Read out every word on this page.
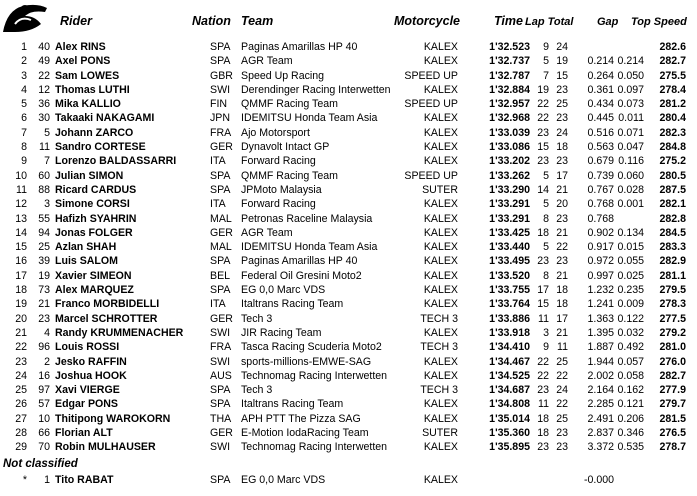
Rider	Nation Team	Motorcycle	Time Lap Total Gap Top Speed
1	40 Alex RINS	SPA Paginas Amarillas HP 40	KALEX	1'32.523	9 24	282.6
2	49 Axel PONS	SPA AGR Team	KALEX	1'32.737	5 19	0.214 0.214	282.7
3	22 Sam LOWES	GBR Speed Up Racing	SPEED UP	1'32.787	7 15	0.264 0.050	275.5
4	12 Thomas LUTHI	SWI Derendinger Racing Interwetten	KALEX	1'32.884 19 23	0.361 0.097	278.4
5	36 Mika KALLIO	FIN QMMF Racing Team	SPEED UP	1'32.957 22 25	0.434 0.073	281.2
6	30 Takaaki NAKAGAMI	JPN IDEMITSU Honda Team Asia	KALEX	1'32.968 22 23	0.445 0.011	280.4
7	5 Johann ZARCO	FRA Ajo Motorsport	KALEX	1'33.039 23 24	0.516 0.071	282.3
8	11 Sandro CORTESE	GER Dynavolt Intact GP	KALEX	1'33.086 15 18	0.563 0.047	284.8
9	7 Lorenzo BALDASSARRI	ITA Forward Racing	KALEX	1'33.202 23 23	0.679 0.116	275.2
10	60 Julian SIMON	SPA QMMF Racing Team	SPEED UP	1'33.262	5 17	0.739 0.060	280.5
11	88 Ricard CARDUS	SPA JPMoto Malaysia	SUTER	1'33.290 14 21	0.767 0.028	287.5
12	3 Simone CORSI	ITA Forward Racing	KALEX	1'33.291	5 20	0.768 0.001	282.1
13	55 Hafizh SYAHRIN	MAL Petronas Raceline Malaysia	KALEX	1'33.291	8 23	0.768	282.8
14	94 Jonas FOLGER	GER AGR Team	KALEX	1'33.425 18 21	0.902 0.134	284.5
15	25 Azlan SHAH	MAL IDEMITSU Honda Team Asia	KALEX	1'33.440	5 22	0.917 0.015	283.3
16	39 Luis SALOM	SPA Paginas Amarillas HP 40	KALEX	1'33.495 23 23	0.972 0.055	282.9
17	19 Xavier SIMEON	BEL Federal Oil Gresini Moto2	KALEX	1'33.520	8 21	0.997 0.025	281.1
18	73 Alex MARQUEZ	SPA EG 0,0 Marc VDS	KALEX	1'33.755 17 18	1.232 0.235	279.5
19	21 Franco MORBIDELLI	ITA Italtrans Racing Team	KALEX	1'33.764 15 18	1.241 0.009	278.3
20	23 Marcel SCHROTTER	GER Tech 3	TECH 3	1'33.886 11 17	1.363 0.122	277.5
21	4 Randy KRUMMENACHER	SWI JIR Racing Team	KALEX	1'33.918	3 21	1.395 0.032	279.2
22	96 Louis ROSSI	FRA Tasca Racing Scuderia Moto2	TECH 3	1'34.410	9 11	1.887 0.492	281.0
23	2 Jesko RAFFIN	SWI sports-millions-EMWE-SAG	KALEX	1'34.467 22 25	1.944 0.057	276.0
24	16 Joshua HOOK	AUS Technomag Racing Interwetten	KALEX	1'34.525 22 22	2.002 0.058	282.7
25	97 Xavi VIERGE	SPA Tech 3	TECH 3	1'34.687 23 24	2.164 0.162	277.9
26	57 Edgar PONS	SPA Italtrans Racing Team	KALEX	1'34.808 11 22	2.285 0.121	279.7
27	10 Thitipong WAROKORN	THA APH PTT The Pizza SAG	KALEX	1'35.014 18 25	2.491 0.206	281.5
28	66 Florian ALT	GER E-Motion IodaRacing Team	SUTER	1'35.360 18 23	2.837 0.346	276.5
29	70 Robin MULHAUSER	SWI Technomag Racing Interwetten	KALEX	1'35.895 23 23	3.372 0.535	278.7
Not classified
*	1 Tito RABAT	SPA EG 0,0 Marc VDS	KALEX	-0.000
